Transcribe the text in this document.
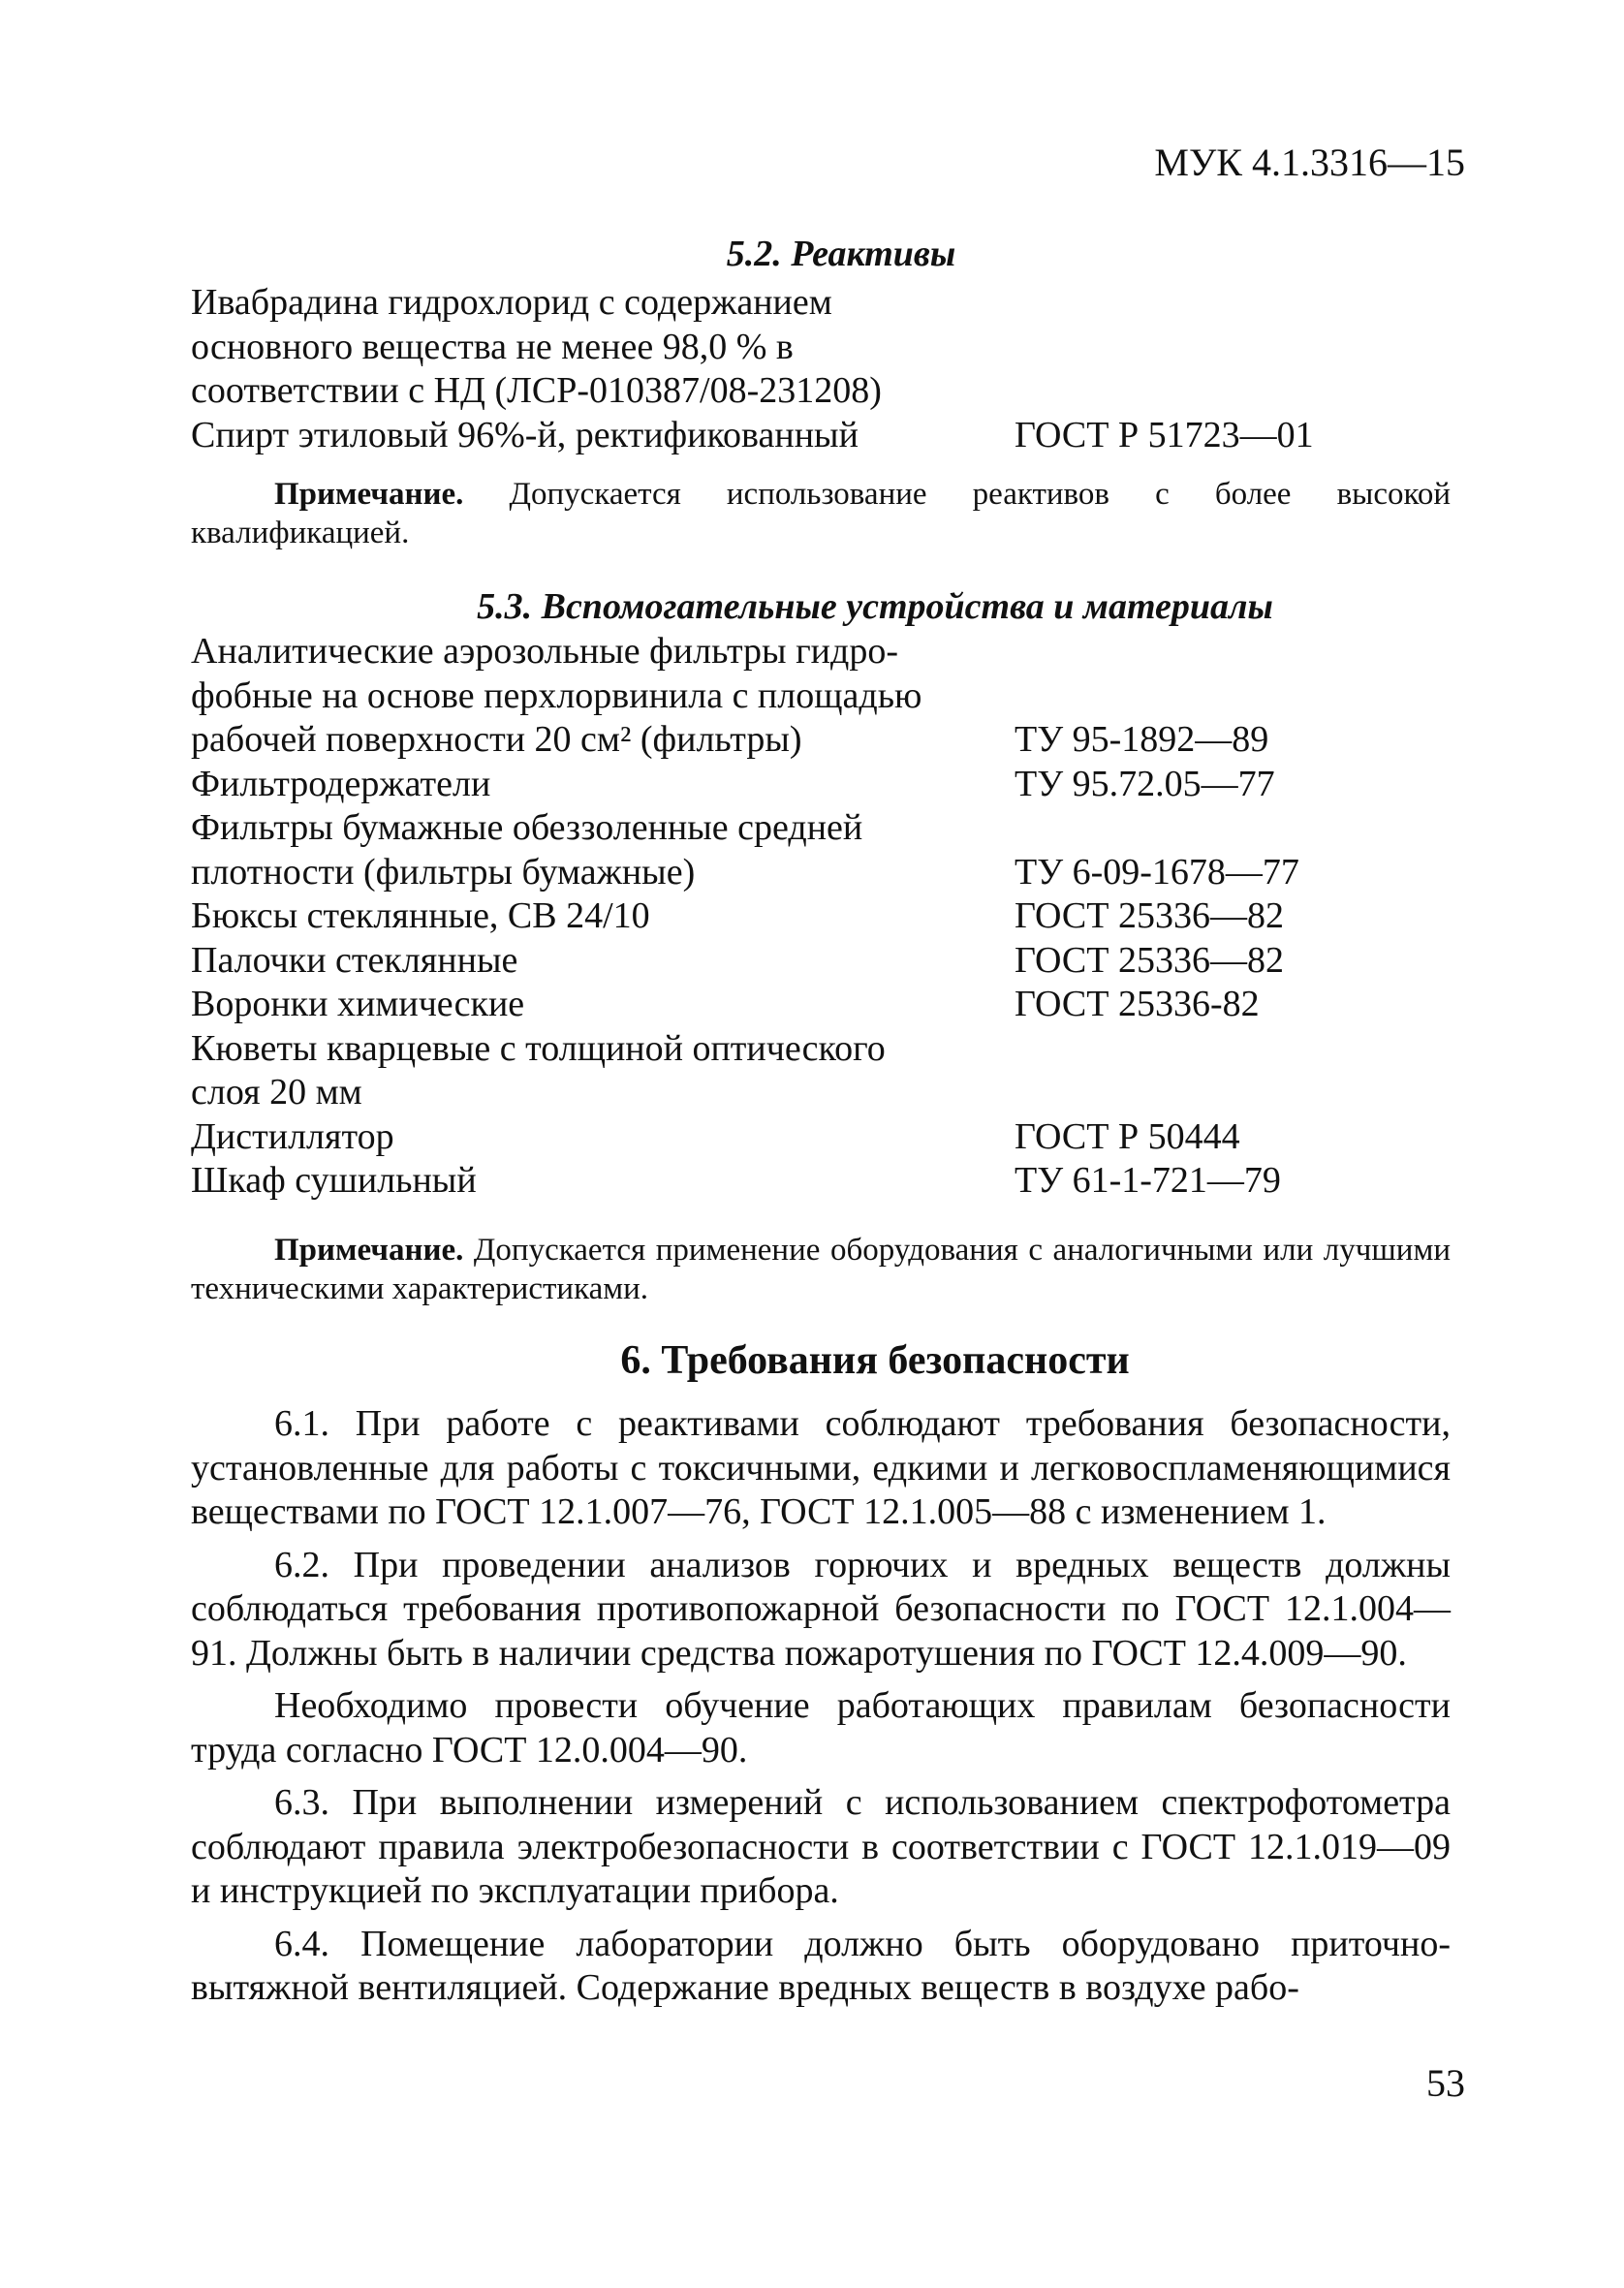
МУК 4.1.3316—15
5.2. Реактивы
Ивабрадина гидрохлорид с содержанием	
основного вещества не менее 98,0 % в	
соответствии с НД (ЛСР-010387/08-231208)	
Спирт этиловый 96%-й, ректификованный	ГОСТ Р 51723—01
Примечание. Допускается использование реактивов с более высокой квалификацией.
5.3. Вспомогательные устройства и материалы
Аналитические аэрозольные фильтры гидро-	
фобные на основе перхлорвинила с площадью	
рабочей поверхности 20 см² (фильтры)	ТУ 95-1892—89
Фильтродержатели	ТУ 95.72.05—77
Фильтры бумажные обеззоленные средней	
плотности (фильтры бумажные)	ТУ 6-09-1678—77
Бюксы стеклянные, СВ 24/10	ГОСТ 25336—82
Палочки стеклянные	ГОСТ 25336—82
Воронки химические	ГОСТ 25336-82
Кюветы кварцевые с толщиной оптического	
слоя 20 мм	
Дистиллятор	ГОСТ Р 50444
Шкаф сушильный	ТУ 61-1-721—79
Примечание. Допускается применение оборудования с аналогичными или лучшими техническими характеристиками.
6. Требования безопасности

6.1. При работе с реактивами соблюдают требования безопасности, установленные для работы с токсичными, едкими и легковоспламеняющимися веществами по ГОСТ 12.1.007—76, ГОСТ 12.1.005—88 с изменением 1.

6.2. При проведении анализов горючих и вредных веществ должны соблюдаться требования противопожарной безопасности по ГОСТ 12.1.004—91. Должны быть в наличии средства пожаротушения по ГОСТ 12.4.009—90.

Необходимо провести обучение работающих правилам безопасности труда согласно ГОСТ 12.0.004—90.

6.3. При выполнении измерений с использованием спектрофотометра соблюдают правила электробезопасности в соответствии с ГОСТ 12.1.019—09 и инструкцией по эксплуатации прибора.

6.4. Помещение лаборатории должно быть оборудовано приточно-вытяжной вентиляцией. Содержание вредных веществ в воздухе рабо-

53
